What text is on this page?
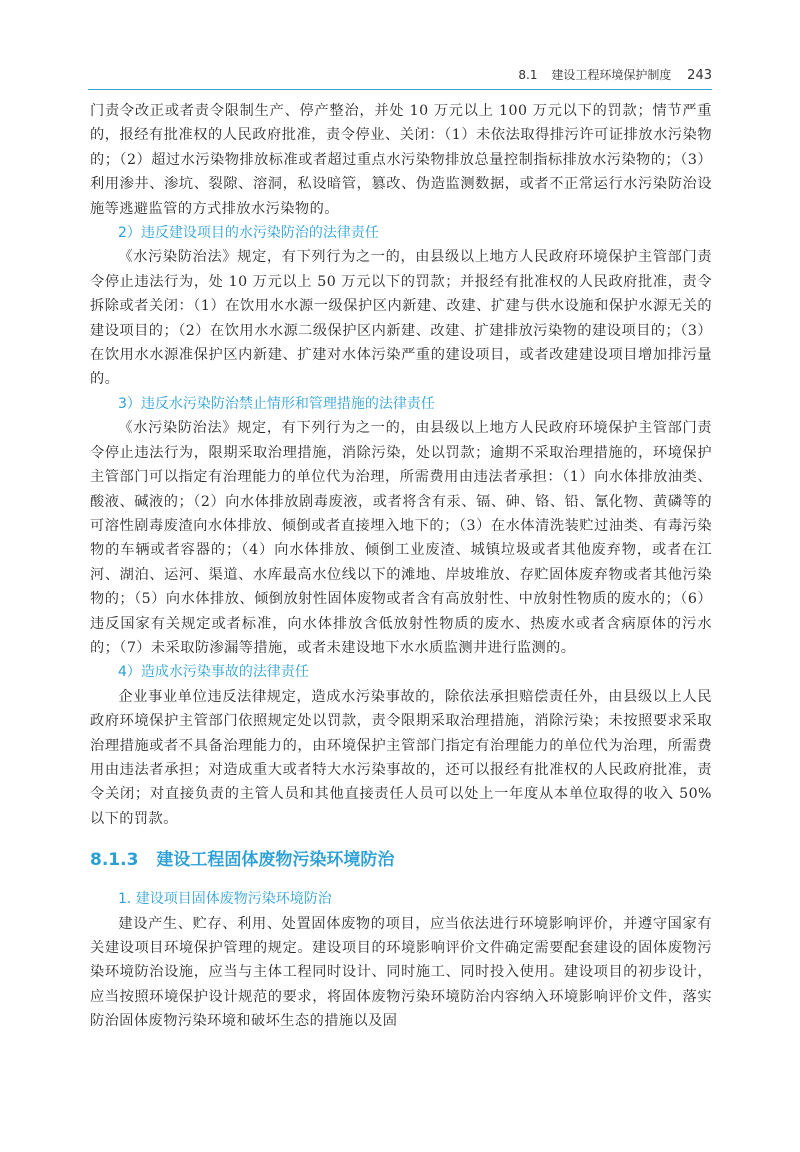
8.1 建设工程环境保护制度 243

门责令改正或者责令限制生产、停产整治，并处 10 万元以上 100 万元以下的罚款；情节严重的，报经有批准权的人民政府批准，责令停业、关闭：（1）未依法取得排污许可证排放水污染物的；（2）超过水污染物排放标准或者超过重点水污染物排放总量控制指标排放水污染物的；（3）利用渗井、渗坑、裂隙、溶洞，私设暗管，篡改、伪造监测数据，或者不正常运行水污染防治设施等逃避监管的方式排放水污染物的。

2）违反建设项目的水污染防治的法律责任

《水污染防治法》规定，有下列行为之一的，由县级以上地方人民政府环境保护主管部门责令停止违法行为，处 10 万元以上 50 万元以下的罚款；并报经有批准权的人民政府批准，责令拆除或者关闭：（1）在饮用水水源一级保护区内新建、改建、扩建与供水设施和保护水源无关的建设项目的；（2）在饮用水水源二级保护区内新建、改建、扩建排放污染物的建设项目的；（3）在饮用水水源准保护区内新建、扩建对水体污染严重的建设项目，或者改建建设项目增加排污量的。

3）违反水污染防治禁止情形和管理措施的法律责任

《水污染防治法》规定，有下列行为之一的，由县级以上地方人民政府环境保护主管部门责令停止违法行为，限期采取治理措施，消除污染，处以罚款；逾期不采取治理措施的，环境保护主管部门可以指定有治理能力的单位代为治理，所需费用由违法者承担：（1）向水体排放油类、酸液、碱液的；（2）向水体排放剧毒废液，或者将含有汞、镉、砷、铬、铅、氰化物、黄磷等的可溶性剧毒废渣向水体排放、倾倒或者直接埋入地下的；（3）在水体清洗装贮过油类、有毒污染物的车辆或者容器的；（4）向水体排放、倾倒工业废渣、城镇垃圾或者其他废弃物，或者在江河、湖泊、运河、渠道、水库最高水位线以下的滩地、岸坡堆放、存贮固体废弃物或者其他污染物的；（5）向水体排放、倾倒放射性固体废物或者含有高放射性、中放射性物质的废水的；（6）违反国家有关规定或者标准，向水体排放含低放射性物质的废水、热废水或者含病原体的污水的；（7）未采取防渗漏等措施，或者未建设地下水水质监测井进行监测的。

4）造成水污染事故的法律责任

企业事业单位违反法律规定，造成水污染事故的，除依法承担赔偿责任外，由县级以上人民政府环境保护主管部门依照规定处以罚款，责令限期采取治理措施，消除污染；未按照要求采取治理措施或者不具备治理能力的，由环境保护主管部门指定有治理能力的单位代为治理，所需费用由违法者承担；对造成重大或者特大水污染事故的，还可以报经有批准权的人民政府批准，责令关闭；对直接负责的主管人员和其他直接责任人员可以处上一年度从本单位取得的收入 50% 以下的罚款。

8.1.3 建设工程固体废物污染环境防治
1. 建设项目固体废物污染环境防治

建设产生、贮存、利用、处置固体废物的项目，应当依法进行环境影响评价，并遵守国家有关建设项目环境保护管理的规定。建设项目的环境影响评价文件确定需要配套建设的固体废物污染环境防治设施，应当与主体工程同时设计、同时施工、同时投入使用。建设项目的初步设计，应当按照环境保护设计规范的要求，将固体废物污染环境防治内容纳入环境影响评价文件，落实防治固体废物污染环境和破坏生态的措施以及固
